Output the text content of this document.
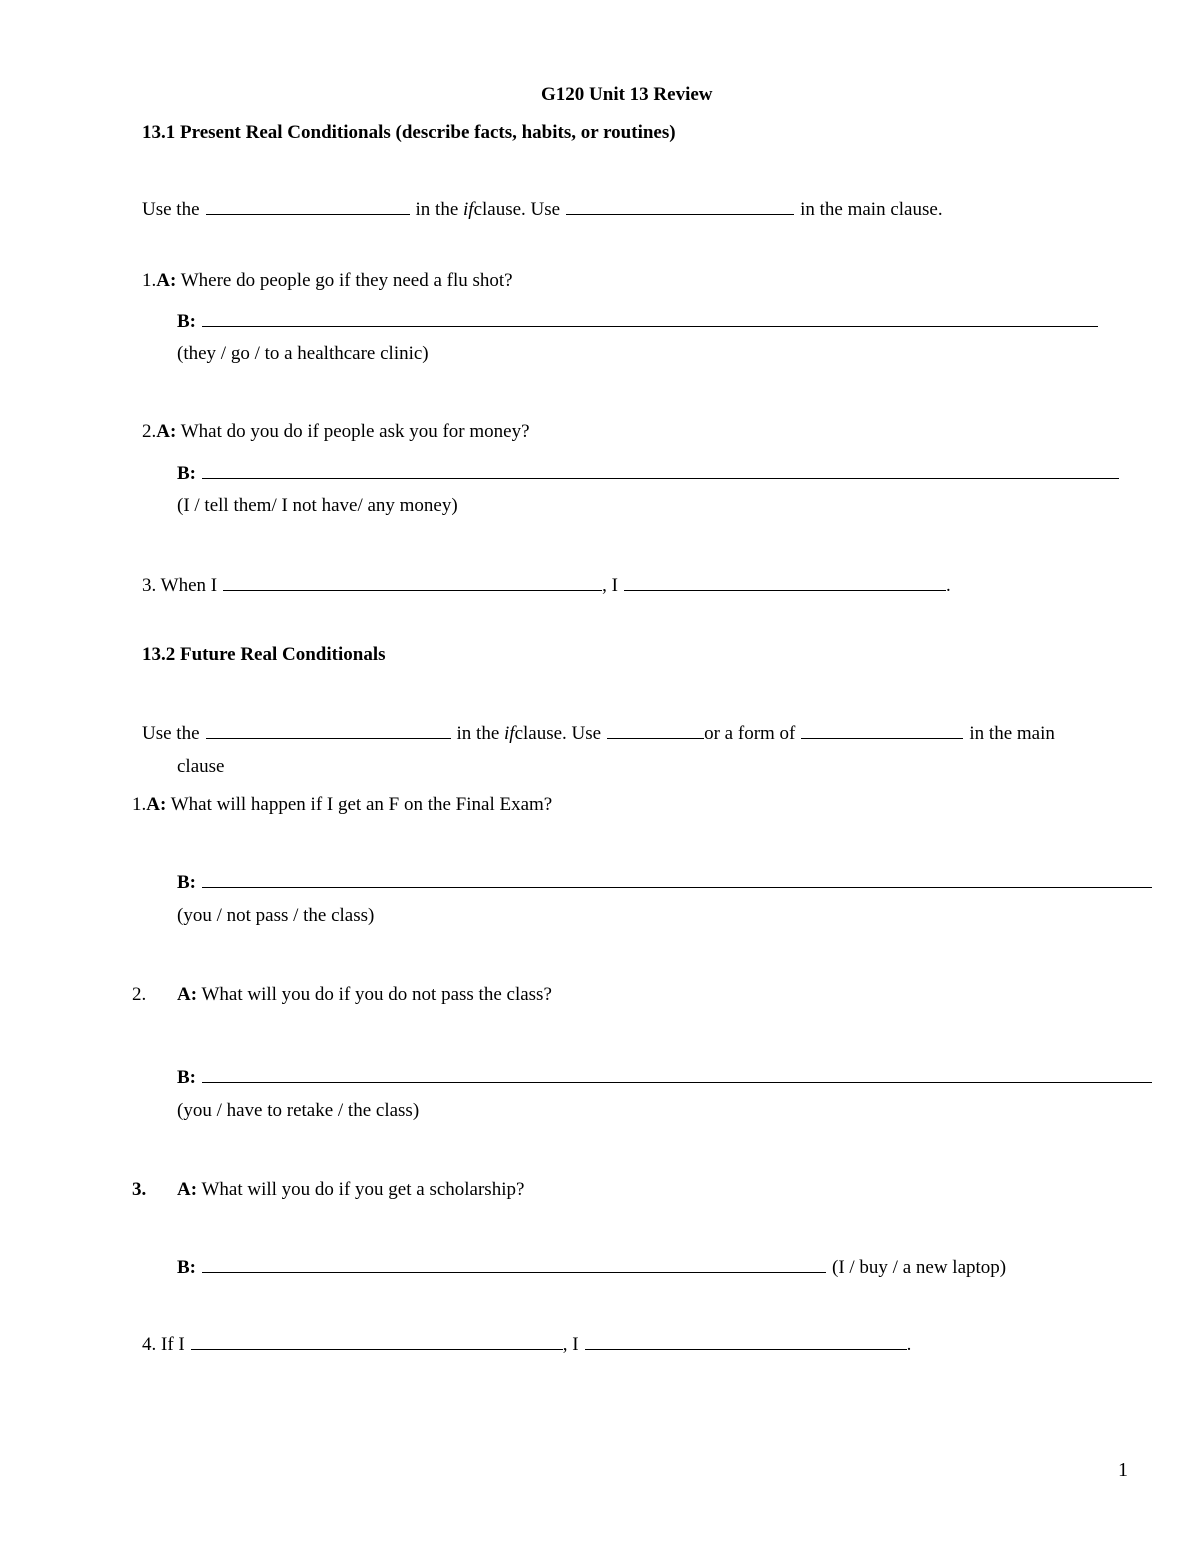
G120 Unit 13 Review
13.1 Present Real Conditionals (describe facts, habits, or routines)
Use the	in the
if clause. Use	in the main clause.
1.A: Where do people go if they need a flu shot?
B:
(they / go / to a healthcare clinic)
2.A: What do you do if people ask you for money?
B:
(I / tell them/ I not have/ any money)
3. When I	, I	.
13.2 Future Real Conditionals
Use the	in the
if clause. Use	or a form of	in the main
clause
1.A: What will happen if I get an F on the Final Exam?
B:
(you / not pass / the class)
2. A: What will you do if you do not pass the class?
B:
(you / have to retake / the class)
3. A: What will you do if you get a scholarship?
B:	(I / buy / a new laptop)
4. If I	, I	.
1
